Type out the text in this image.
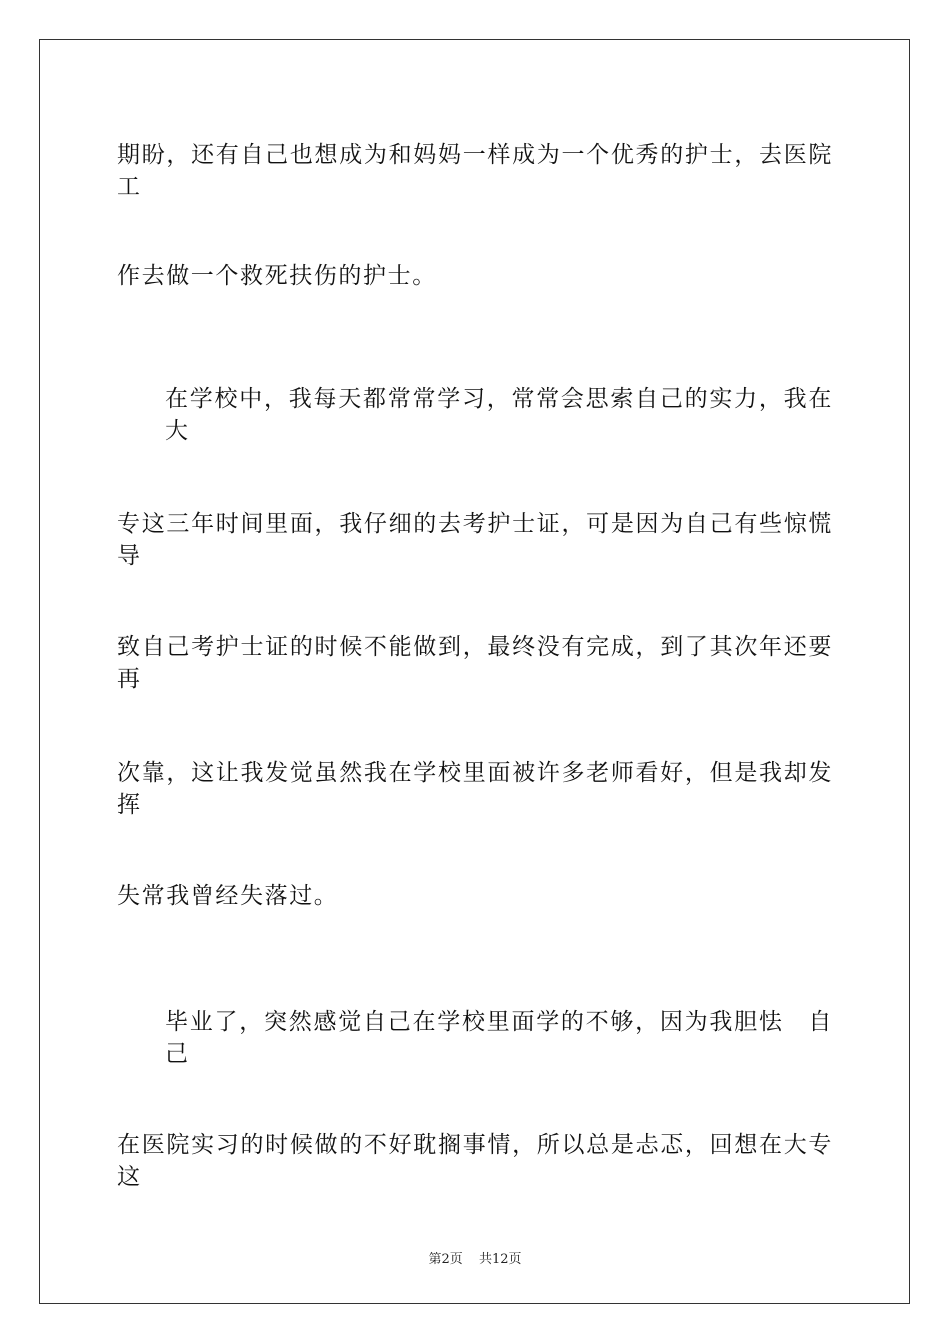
期盼，还有自己也想成为和妈妈一样成为一个优秀的护士，去医院工
作去做一个救死扶伤的护士。
在学校中，我每天都常常学习，常常会思索自己的实力，我在大
专这三年时间里面，我仔细的去考护士证，可是因为自己有些惊慌导
致自己考护士证的时候不能做到，最终没有完成，到了其次年还要再
次靠，这让我发觉虽然我在学校里面被许多老师看好，但是我却发挥
失常我曾经失落过。
毕业了，突然感觉自己在学校里面学的不够，因为我胆怯　自己
在医院实习的时候做的不好耽搁事情，所以总是忐忑，回想在大专这
第2页 共12页
